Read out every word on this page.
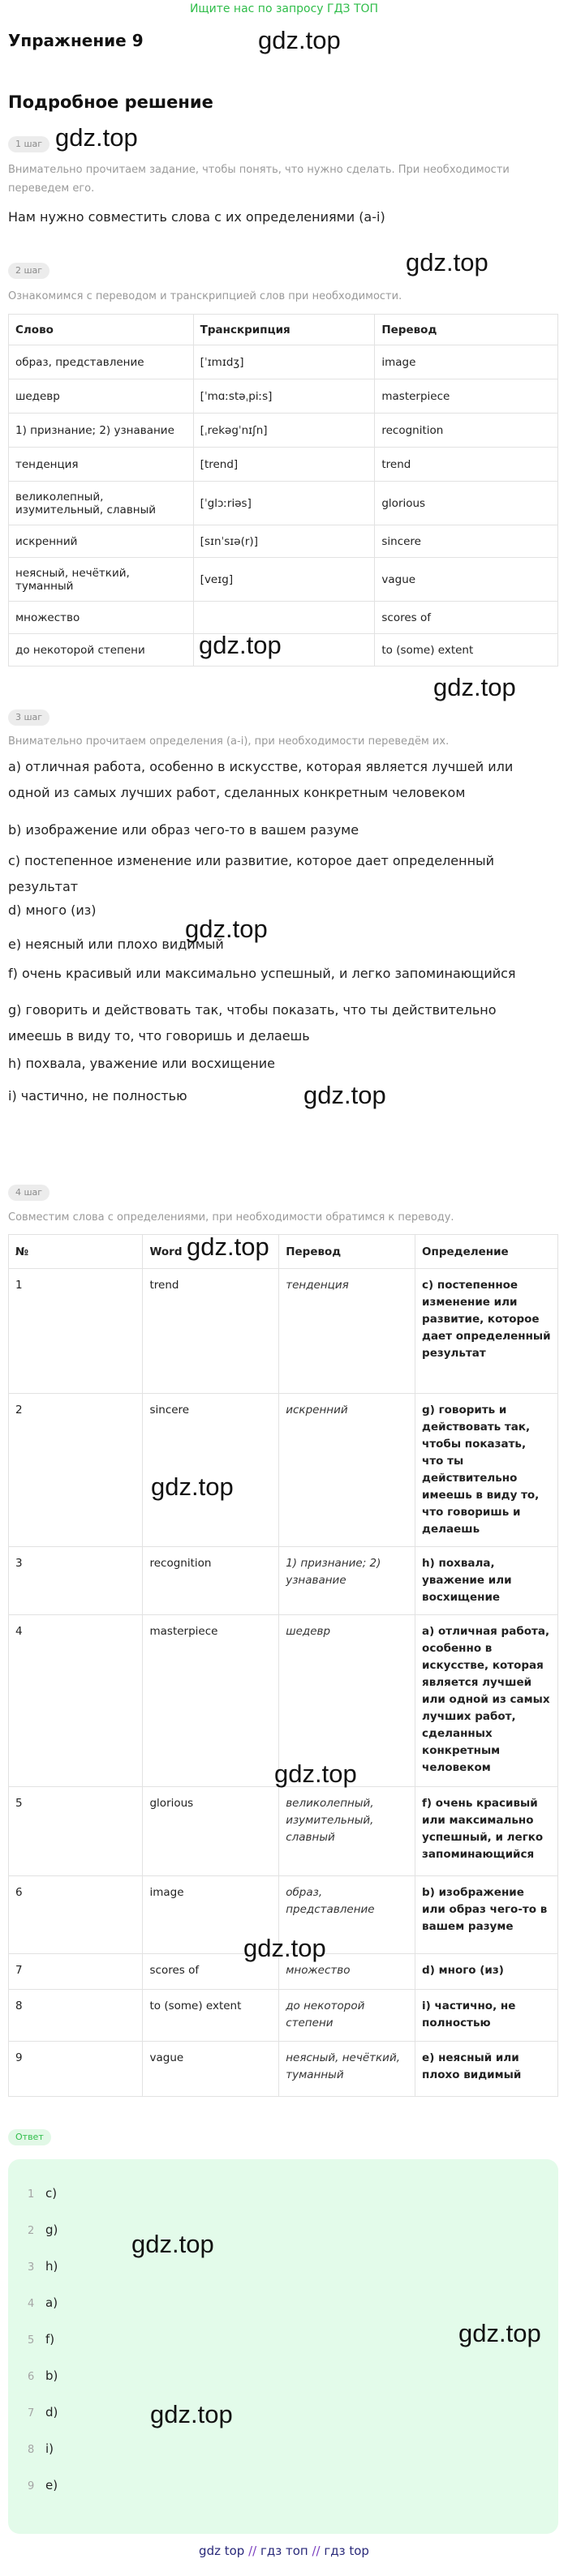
Ищите нас по запросу ГДЗ ТОП
Упражнение 9	gdz.top
Подробное решение
gdz.top
1 шаг
Внимательно прочитаем задание, чтобы понять, что нужно сделать. При необходимости переведем его.
Нам нужно совместить слова с их определениями (a-i)
2 шаг	gdz.top
Ознакомимся с переводом и транскрипцией слов при необходимости.
Слово	Транскрипция	Перевод
образ, представление	[ˈɪmɪdʒ]	image
шедевр	[ˈmɑːstəˌpiːs]	masterpiece
1) признание; 2) узнавание	[ˌrekəgˈnɪʃn]	recognition
тенденция	[trend]	trend
великолепный, изумительный, славный	[ˈglɔːriəs]	glorious
искренний	[sɪnˈsɪə(r)]	sincere
неясный, нечёткий, туманный	[veɪg]	vague
множество		scores of
до некоторой степени		to (some) extent
gdz.top
gdz.top
3 шаг
Внимательно прочитаем определения (a-i), при необходимости переведём их.
a) отличная работа, особенно в искусстве, которая является лучшей или одной из самых лучших работ, сделанных конкретным человеком
b) изображение или образ чего-то в вашем разуме
c) постепенное изменение или развитие, которое дает определенный результат
d) много (из)
e) неясный или плохо видимый
f) очень красивый или максимально успешный, и легко запоминающийся
g) говорить и действовать так, чтобы показать, что ты действительно имеешь в виду то, что говоришь и делаешь
h) похвала, уважение или восхищение
i) частично, не полностью
gdz.top
gdz.top
4 шаг
Совместим слова с определениями, при необходимости обратимся к переводу.
№	Word	Перевод	Определение
1	trend	тенденция	c) постепенное изменение или развитие, которое дает определенный результат
2	sincere	искренний	g) говорить и действовать так, чтобы показать, что ты действительно имеешь в виду то, что говоришь и делаешь
3	recognition	1) признание; 2) узнавание	h) похвала, уважение или восхищение
4	masterpiece	шедевр	a) отличная работа, особенно в искусстве, которая является лучшей или одной из самых лучших работ, сделанных конкретным человеком
5	glorious	великолепный, изумительный, славный	f) очень красивый или максимально успешный, и легко запоминающийся
6	image	образ, представление	b) изображение или образ чего-то в вашем разуме
7	scores of	множество	d) много (из)
8	to (some) extent	до некоторой степени	i) частично, не полностью
9	vague	неясный, нечёткий, туманный	e) неясный или плохо видимый
gdz.top
gdz.top
gdz.top
gdz.top
Ответ
1 c)
2 g)
3 h)
4 a)
5 f)
6 b)
7 d)
8 i)
9 e)
gdz.top
gdz.top
gdz.top
gdz top // гдз топ // гдз top
